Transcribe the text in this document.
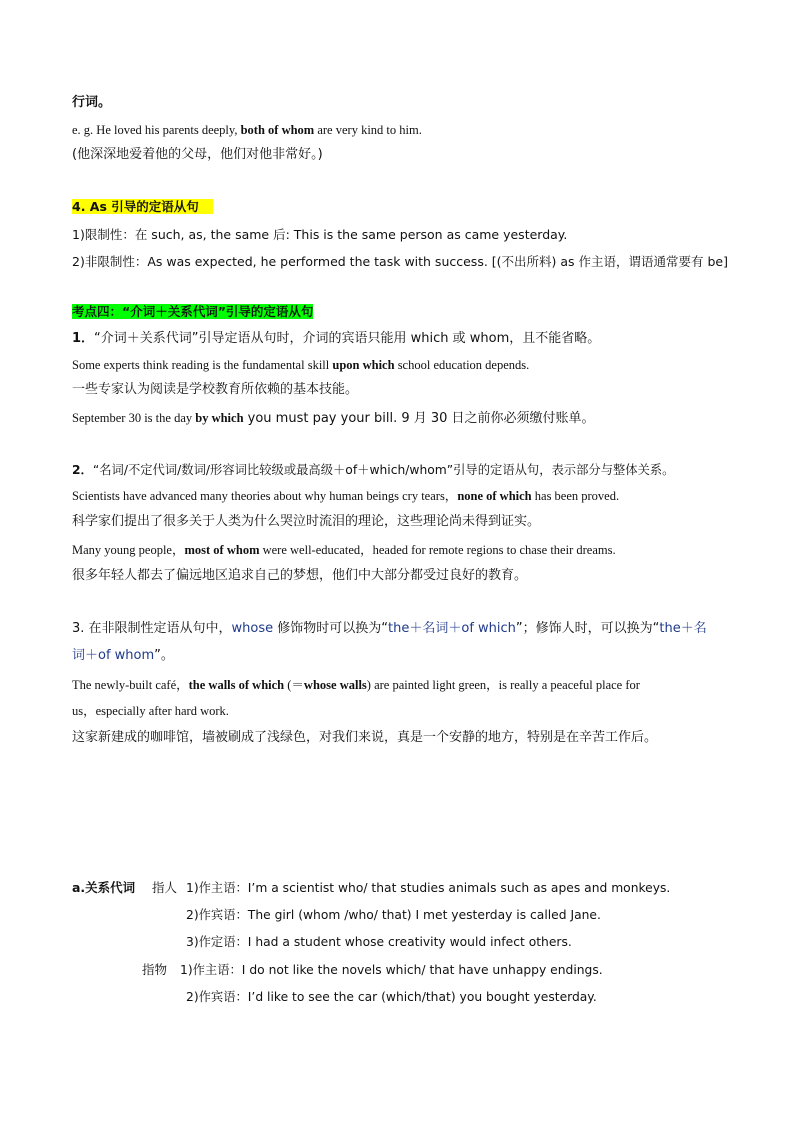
行词。
e. g. He loved his parents deeply, both of whom are very kind to him.
(他深深地爱着他的父母，他们对他非常好。)
4. As 引导的定语从句
1)限制性：在 such, as, the same 后: This is the same person as came yesterday.
2)非限制性：As was expected, he performed the task with success. [(不出所料) as 作主语，谓语通常要有 be]
考点四：“介词＋关系代词”引导的定语从句
1．“介词＋关系代词”引导定语从句时，介词的宾语只能用 which 或 whom，且不能省略。
Some experts think reading is the fundamental skill upon which school education depends.
一些专家认为阅读是学校教育所依赖的基本技能。
September 30 is the day by which you must pay your bill. 9 月 30 日之前你必须缴付账单。
2．“名词/不定代词/数词/形容词比较级或最高级＋of＋which/whom”引导的定语从句，表示部分与整体关系。
Scientists have advanced many theories about why human beings cry tears，none of which has been proved.
科学家们提出了很多关于人类为什么哭泣时流泪的理论，这些理论尚未得到证实。
Many young people，most of whom were well-educated，headed for remote regions to chase their dreams.
很多年轻人都去了偏远地区追求自己的梦想，他们中大部分都受过良好的教育。
3. 在非限制性定语从句中，whose 修饰物时可以换为“the＋名词＋of which”；修饰人时，可以换为“the＋名
词＋of whom”。
The newly-built café，the walls of which (＝whose walls) are painted light green，is really a peaceful place for
us，especially after hard work.
这家新建成的咖啡馆，墙被刷成了浅绿色，对我们来说，真是一个安静的地方，特别是在辛苦工作后。
a.关系代词 指人 1)作主语：I’m a scientist who/ that studies animals such as apes and monkeys.
2)作宾语：The girl (whom /who/ that) I met yesterday is called Jane.
3)作定语：I had a student whose creativity would infect others.
指物 1)作主语：I do not like the novels which/ that have unhappy endings.
2)作宾语：I’d like to see the car (which/that) you bought yesterday.
